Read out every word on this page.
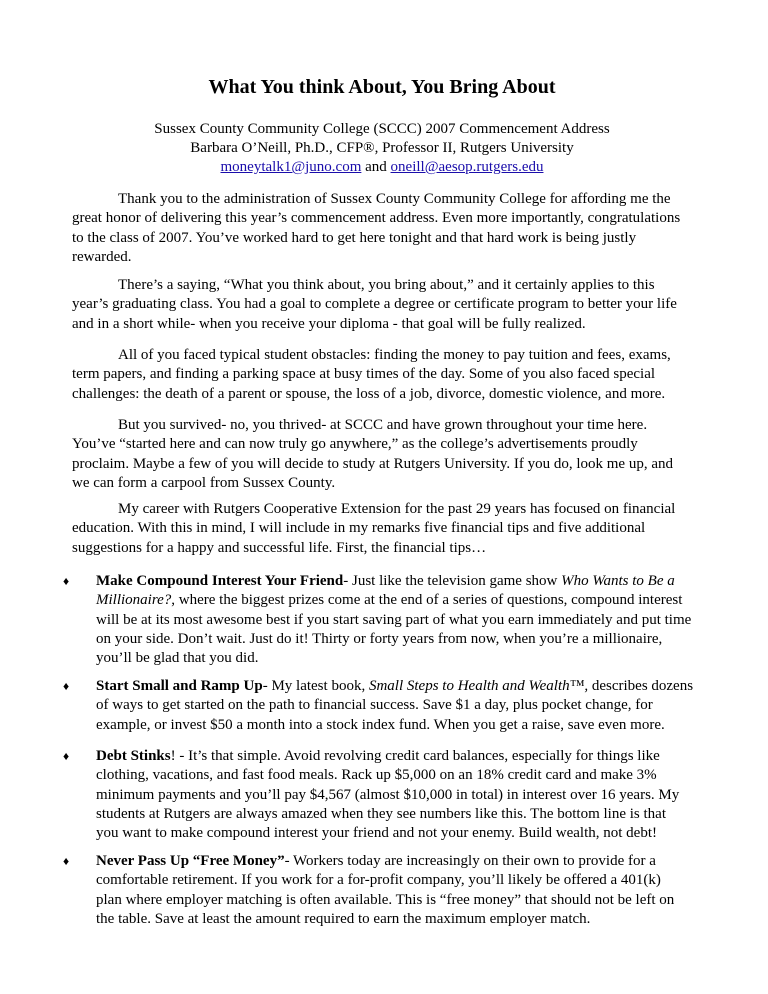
What You think About, You Bring About
Sussex County Community College (SCCC) 2007 Commencement Address
Barbara O’Neill, Ph.D., CFP®, Professor II, Rutgers University
moneytalk1@juno.com and oneill@aesop.rutgers.edu
Thank you to the administration of Sussex County Community College for affording me the
great honor of delivering this year’s commencement address. Even more importantly, congratulations
to the class of 2007. You’ve worked hard to get here tonight and that hard work is being justly
rewarded.
There’s a saying, “What you think about, you bring about,” and it certainly applies to this
year’s graduating class. You had a goal to complete a degree or certificate program to better your life
and in a short while- when you receive your diploma - that goal will be fully realized.
All of you faced typical student obstacles: finding the money to pay tuition and fees, exams,
term papers, and finding a parking space at busy times of the day. Some of you also faced special
challenges: the death of a parent or spouse, the loss of a job, divorce, domestic violence, and more.
But you survived- no, you thrived- at SCCC and have grown throughout your time here.
You’ve “started here and can now truly go anywhere,” as the college’s advertisements proudly
proclaim. Maybe a few of you will decide to study at Rutgers University. If you do, look me up, and
we can form a carpool from Sussex County.
My career with Rutgers Cooperative Extension for the past 29 years has focused on financial
education. With this in mind, I will include in my remarks five financial tips and five additional
suggestions for a happy and successful life. First, the financial tips…
♦ Make Compound Interest Your Friend- Just like the television game show Who Wants to Be a
Millionaire?, where the biggest prizes come at the end of a series of questions, compound interest
will be at its most awesome best if you start saving part of what you earn immediately and put time
on your side. Don’t wait. Just do it! Thirty or forty years from now, when you’re a millionaire,
you’ll be glad that you did.
♦ Start Small and Ramp Up- My latest book, Small Steps to Health and Wealth™, describes dozens
of ways to get started on the path to financial success. Save $1 a day, plus pocket change, for
example, or invest $50 a month into a stock index fund. When you get a raise, save even more.
♦ Debt Stinks! - It’s that simple. Avoid revolving credit card balances, especially for things like
clothing, vacations, and fast food meals. Rack up $5,000 on an 18% credit card and make 3%
minimum payments and you’ll pay $4,567 (almost $10,000 in total) in interest over 16 years. My
students at Rutgers are always amazed when they see numbers like this. The bottom line is that
you want to make compound interest your friend and not your enemy. Build wealth, not debt!
♦ Never Pass Up “Free Money”- Workers today are increasingly on their own to provide for a
comfortable retirement. If you work for a for-profit company, you’ll likely be offered a 401(k)
plan where employer matching is often available. This is “free money” that should not be left on
the table. Save at least the amount required to earn the maximum employer match.
